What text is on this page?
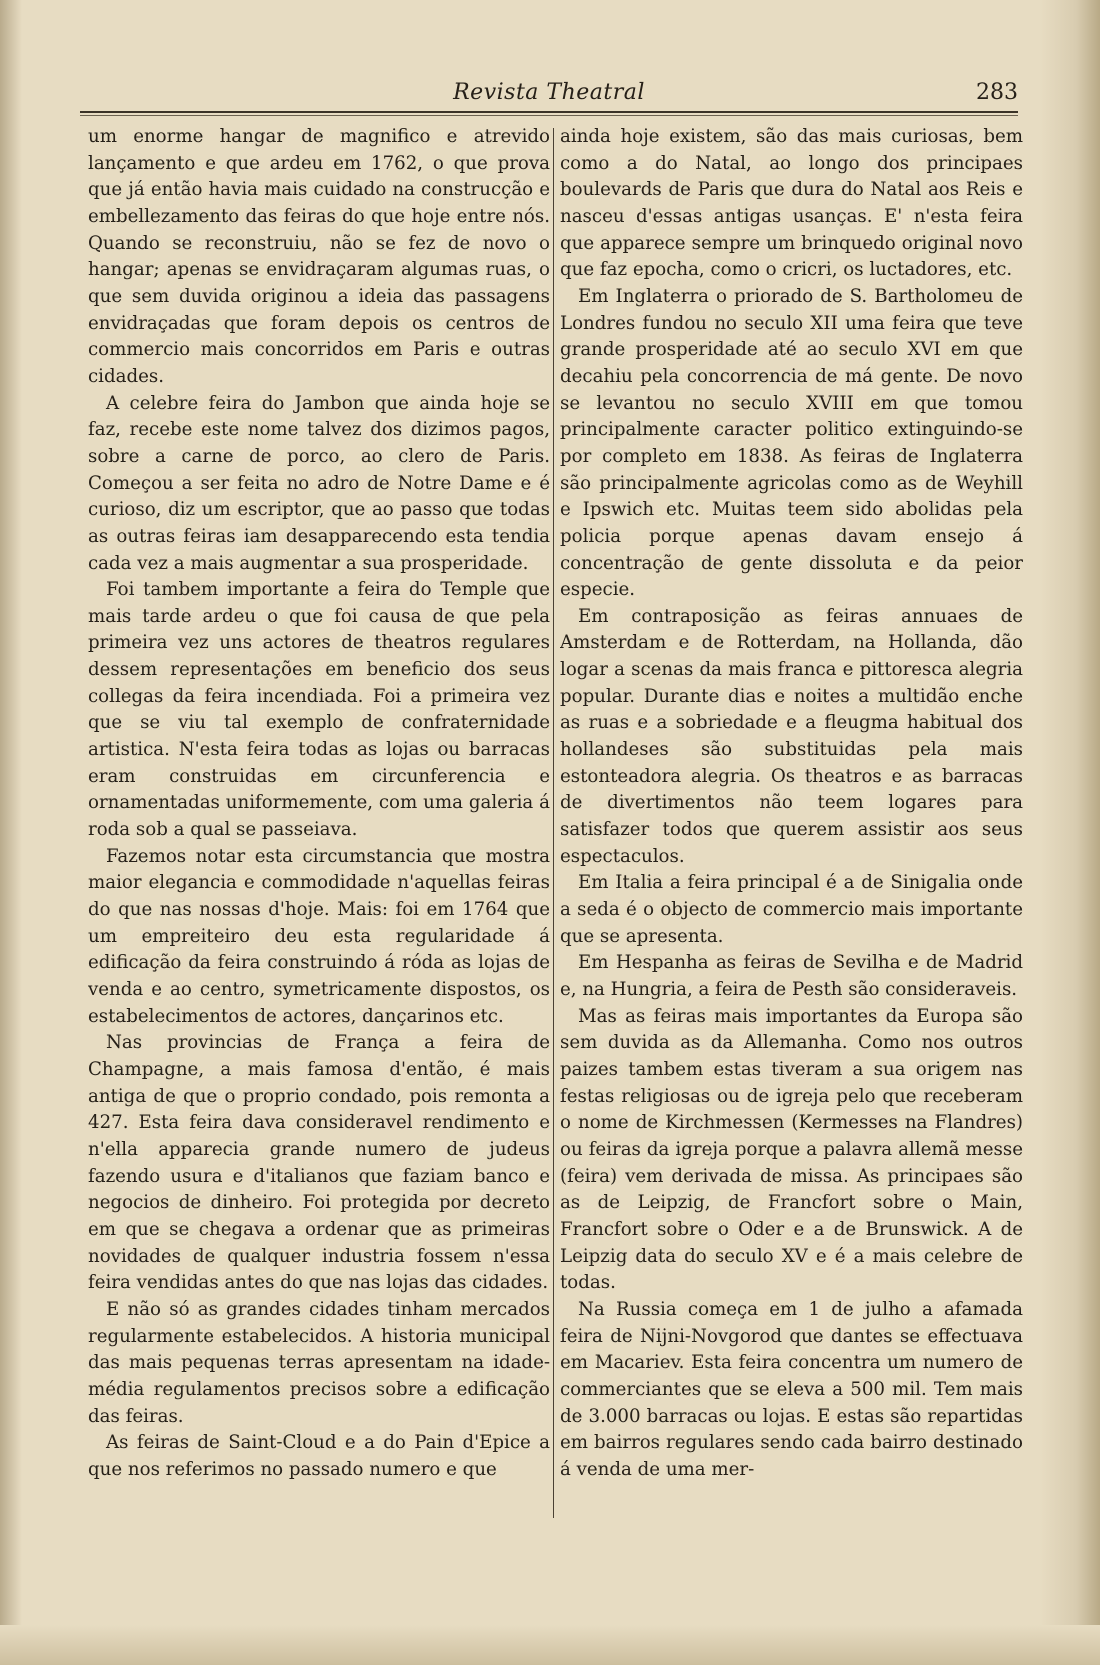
Revista Theatral	283

um enorme hangar de magnifico e atrevido lançamento e que ardeu em 1762, o que prova que já então havia mais cuidado na construcção e embellezamento das feiras do que hoje entre nós. Quando se reconstruiu, não se fez de novo o hangar; apenas se envidraçaram algumas ruas, o que sem duvida originou a ideia das passagens envidraçadas que foram depois os centros de commercio mais concorridos em Paris e outras cidades.

A celebre feira do Jambon que ainda hoje se faz, recebe este nome talvez dos dizimos pagos, sobre a carne de porco, ao clero de Paris. Começou a ser feita no adro de Notre Dame e é curioso, diz um escriptor, que ao passo que todas as outras feiras iam desapparecendo esta tendia cada vez a mais augmentar a sua prosperidade.

Foi tambem importante a feira do Temple que mais tarde ardeu o que foi causa de que pela primeira vez uns actores de theatros regulares dessem representações em beneficio dos seus collegas da feira incendiada. Foi a primeira vez que se viu tal exemplo de confraternidade artistica. N'esta feira todas as lojas ou barracas eram construidas em circunferencia e ornamentadas uniformemente, com uma galeria á roda sob a qual se passeiava.

Fazemos notar esta circumstancia que mostra maior elegancia e commodidade n'aquellas feiras do que nas nossas d'hoje. Mais: foi em 1764 que um empreiteiro deu esta regularidade á edificação da feira construindo á róda as lojas de venda e ao centro, symetricamente dispostos, os estabelecimentos de actores, dançarinos etc.

Nas provincias de França a feira de Champagne, a mais famosa d'então, é mais antiga de que o proprio condado, pois remonta a 427. Esta feira dava consideravel rendimento e n'ella apparecia grande numero de judeus fazendo usura e d'italianos que faziam banco e negocios de dinheiro. Foi protegida por decreto em que se chegava a ordenar que as primeiras novidades de qualquer industria fossem n'essa feira vendidas antes do que nas lojas das cidades.

E não só as grandes cidades tinham mercados regularmente estabelecidos. A historia municipal das mais pequenas terras apresentam na idade-média regulamentos precisos sobre a edificação das feiras.

As feiras de Saint-Cloud e a do Pain d'Epice a que nos referimos no passado numero e que

ainda hoje existem, são das mais curiosas, bem como a do Natal, ao longo dos principaes boulevards de Paris que dura do Natal aos Reis e nasceu d'essas antigas usanças. E' n'esta feira que apparece sempre um brinquedo original novo que faz epocha, como o cricri, os luctadores, etc.

Em Inglaterra o priorado de S. Bartholomeu de Londres fundou no seculo XII uma feira que teve grande prosperidade até ao seculo XVI em que decahiu pela concorrencia de má gente. De novo se levantou no seculo XVIII em que tomou principalmente caracter politico extinguindo-se por completo em 1838. As feiras de Inglaterra são principalmente agricolas como as de Weyhill e Ipswich etc. Muitas teem sido abolidas pela policia porque apenas davam ensejo á concentração de gente dissoluta e da peior especie.

Em contraposição as feiras annuaes de Amsterdam e de Rotterdam, na Hollanda, dão logar a scenas da mais franca e pittoresca alegria popular. Durante dias e noites a multidão enche as ruas e a sobriedade e a fleugma habitual dos hollandeses são substituidas pela mais estonteadora alegria. Os theatros e as barracas de divertimentos não teem logares para satisfazer todos que querem assistir aos seus espectaculos.

Em Italia a feira principal é a de Sinigalia onde a seda é o objecto de commercio mais importante que se apresenta.

Em Hespanha as feiras de Sevilha e de Madrid e, na Hungria, a feira de Pesth são consideraveis.

Mas as feiras mais importantes da Europa são sem duvida as da Allemanha. Como nos outros paizes tambem estas tiveram a sua origem nas festas religiosas ou de igreja pelo que receberam o nome de Kirchmessen (Kermesses na Flandres) ou feiras da igreja porque a palavra allemã messe (feira) vem derivada de missa. As principaes são as de Leipzig, de Francfort sobre o Main, Francfort sobre o Oder e a de Brunswick. A de Leipzig data do seculo XV e é a mais celebre de todas.

Na Russia começa em 1 de julho a afamada feira de Nijni-Novgorod que dantes se effectuava em Macariev. Esta feira concentra um numero de commerciantes que se eleva a 500 mil. Tem mais de 3.000 barracas ou lojas. E estas são repartidas em bairros regulares sendo cada bairro destinado á venda de uma mer-
